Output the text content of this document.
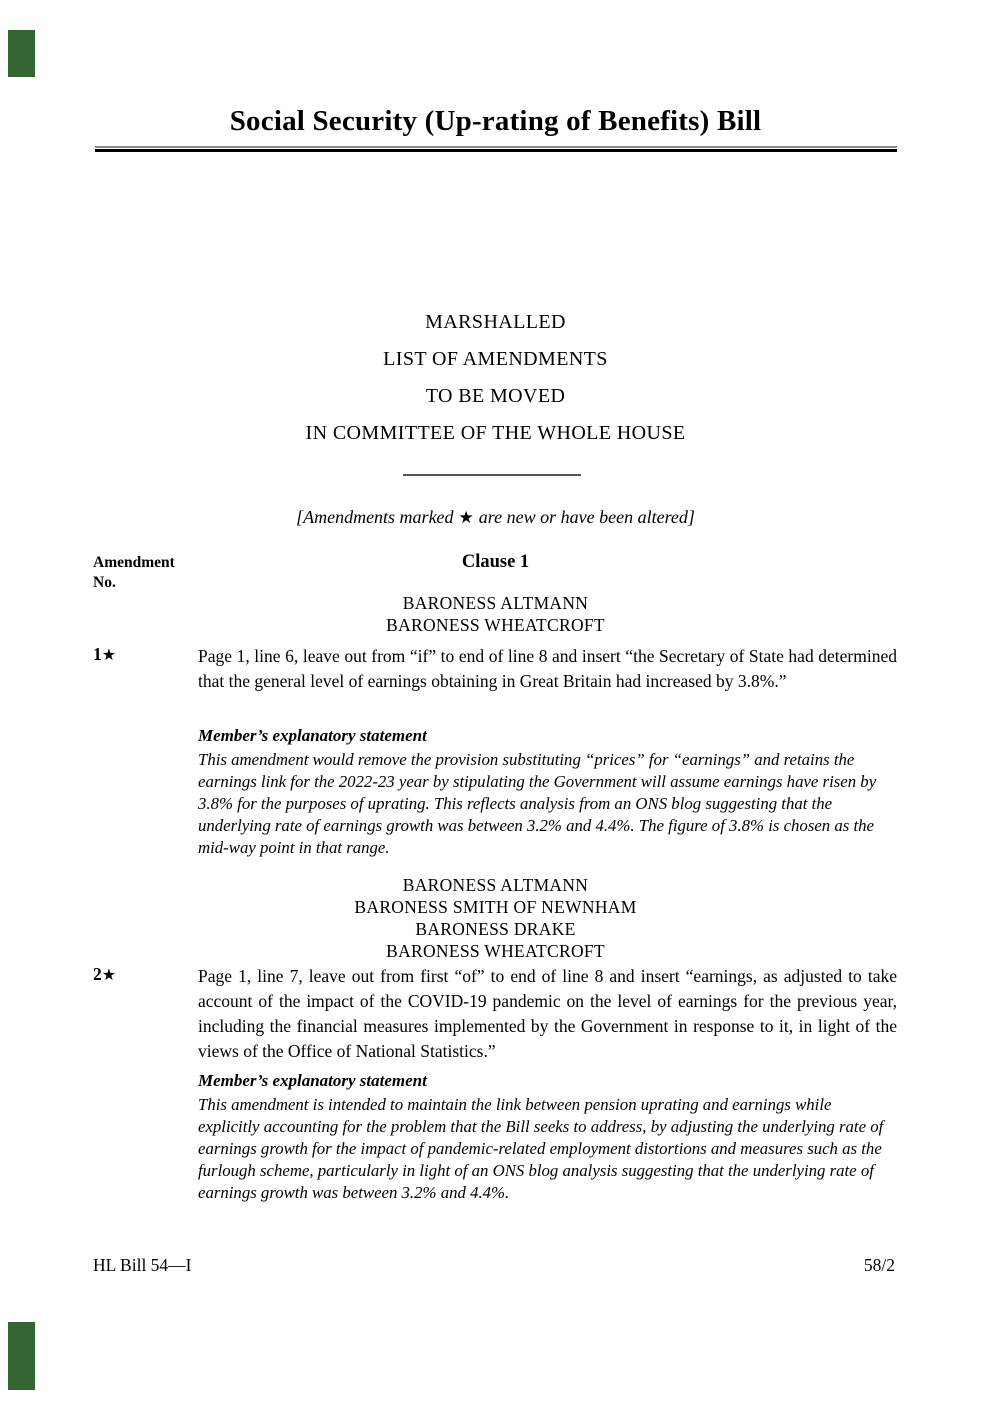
Social Security (Up-rating of Benefits) Bill
MARSHALLED
LIST OF AMENDMENTS
TO BE MOVED
IN COMMITTEE OF THE WHOLE HOUSE
[Amendments marked ★ are new or have been altered]
Amendment
No.
Clause 1
BARONESS ALTMANN
BARONESS WHEATCROFT
1★	Page 1, line 6, leave out from “if” to end of line 8 and insert “the Secretary of State had determined that the general level of earnings obtaining in Great Britain had increased by 3.8%.”
Member’s explanatory statement
This amendment would remove the provision substituting “prices” for “earnings” and retains the earnings link for the 2022-23 year by stipulating the Government will assume earnings have risen by 3.8% for the purposes of uprating. This reflects analysis from an ONS blog suggesting that the underlying rate of earnings growth was between 3.2% and 4.4%. The figure of 3.8% is chosen as the mid-way point in that range.
BARONESS ALTMANN
BARONESS SMITH OF NEWNHAM
BARONESS DRAKE
BARONESS WHEATCROFT
2★	Page 1, line 7, leave out from first “of” to end of line 8 and insert “earnings, as adjusted to take account of the impact of the COVID-19 pandemic on the level of earnings for the previous year, including the financial measures implemented by the Government in response to it, in light of the views of the Office of National Statistics.”
Member’s explanatory statement
This amendment is intended to maintain the link between pension uprating and earnings while explicitly accounting for the problem that the Bill seeks to address, by adjusting the underlying rate of earnings growth for the impact of pandemic-related employment distortions and measures such as the furlough scheme, particularly in light of an ONS blog analysis suggesting that the underlying rate of earnings growth was between 3.2% and 4.4%.
HL Bill 54—I	58/2
